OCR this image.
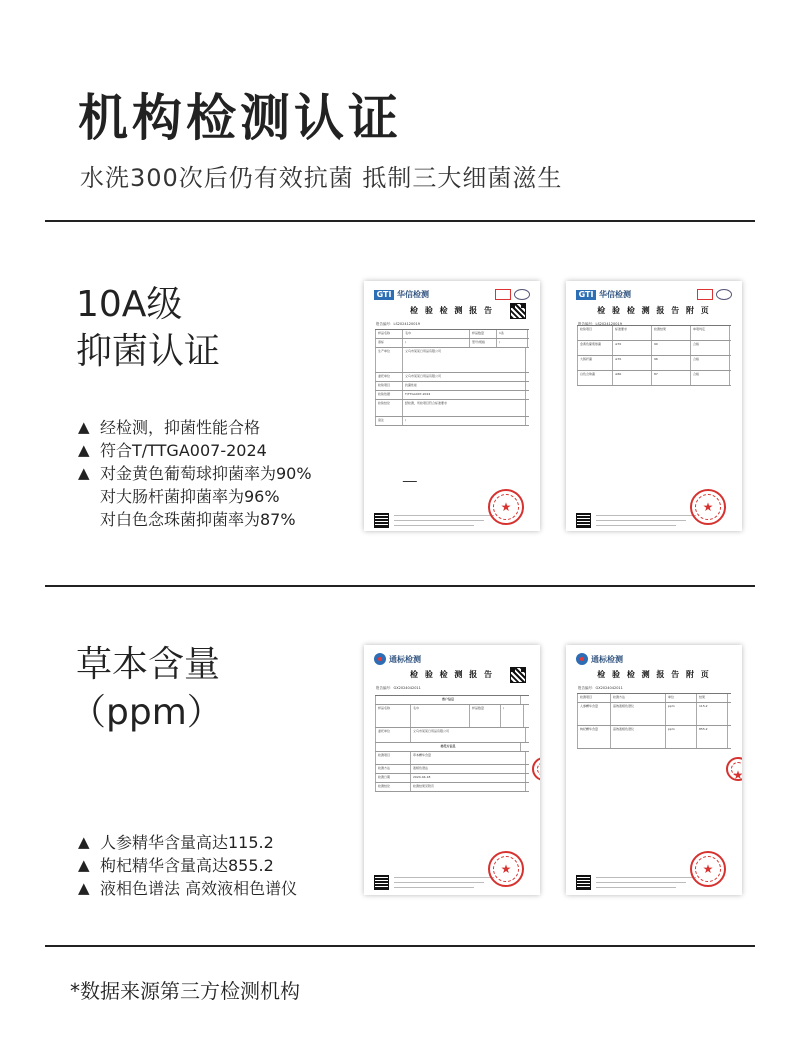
机构检测认证
水洗300次后仍有效抗菌 抵制三大细菌滋生
10A级
抑菌认证
▲ 经检测，抑菌性能合格
▲ 符合T/TTGA007-2024
▲ 对金黄色葡萄球抑菌率为90%
对大肠杆菌抑菌率为96%
对白色念珠菌抑菌率为87%
GTI 华信检测
检 验 检 测 报 告
报告编号：LS2024120019
样品名称	毛巾	样品数量	1条
商标	/	型号/规格	/
生产单位	义乌市某某日用品有限公司
委托单位	义乌市某某日用品有限公司
检验项目	抗菌性能
检验依据	T/TTGA007-2024
检验结论	经检测，所检项目符合标准要求
备注	/
★
GTI 华信检测
检 验 检 测 报 告 附 页
报告编号：LS2024120019
检验项目	标准要求	检测结果	单项判定
金黄色葡萄球菌	≥70	90	合格
大肠杆菌	≥70	96	合格
白色念珠菌	≥60	87	合格
★
草本含量
（ppm）
▲ 人参精华含量高达115.2
▲ 枸杞精华含量高达855.2
▲ 液相色谱法 高效液相色谱仪
通标检测
检 验 检 测 报 告
报告编号：GX2024042011
客户信息
样品名称	毛巾	样品数量	/
委托单位	义乌市某某日用品有限公司
委托方信息
检测项目	草本精华含量
检测方法	液相色谱法
检测日期	2024-04-18
检测结论	检测结果见附页
★
★
通标检测
检 验 检 测 报 告 附 页
报告编号：GX2024042011
检测项目	检测方法	单位	结果
人参精华含量	高效液相色谱仪	ppm	115.2
枸杞精华含量	高效液相色谱仪	ppm	855.2
★
★
*数据来源第三方检测机构
